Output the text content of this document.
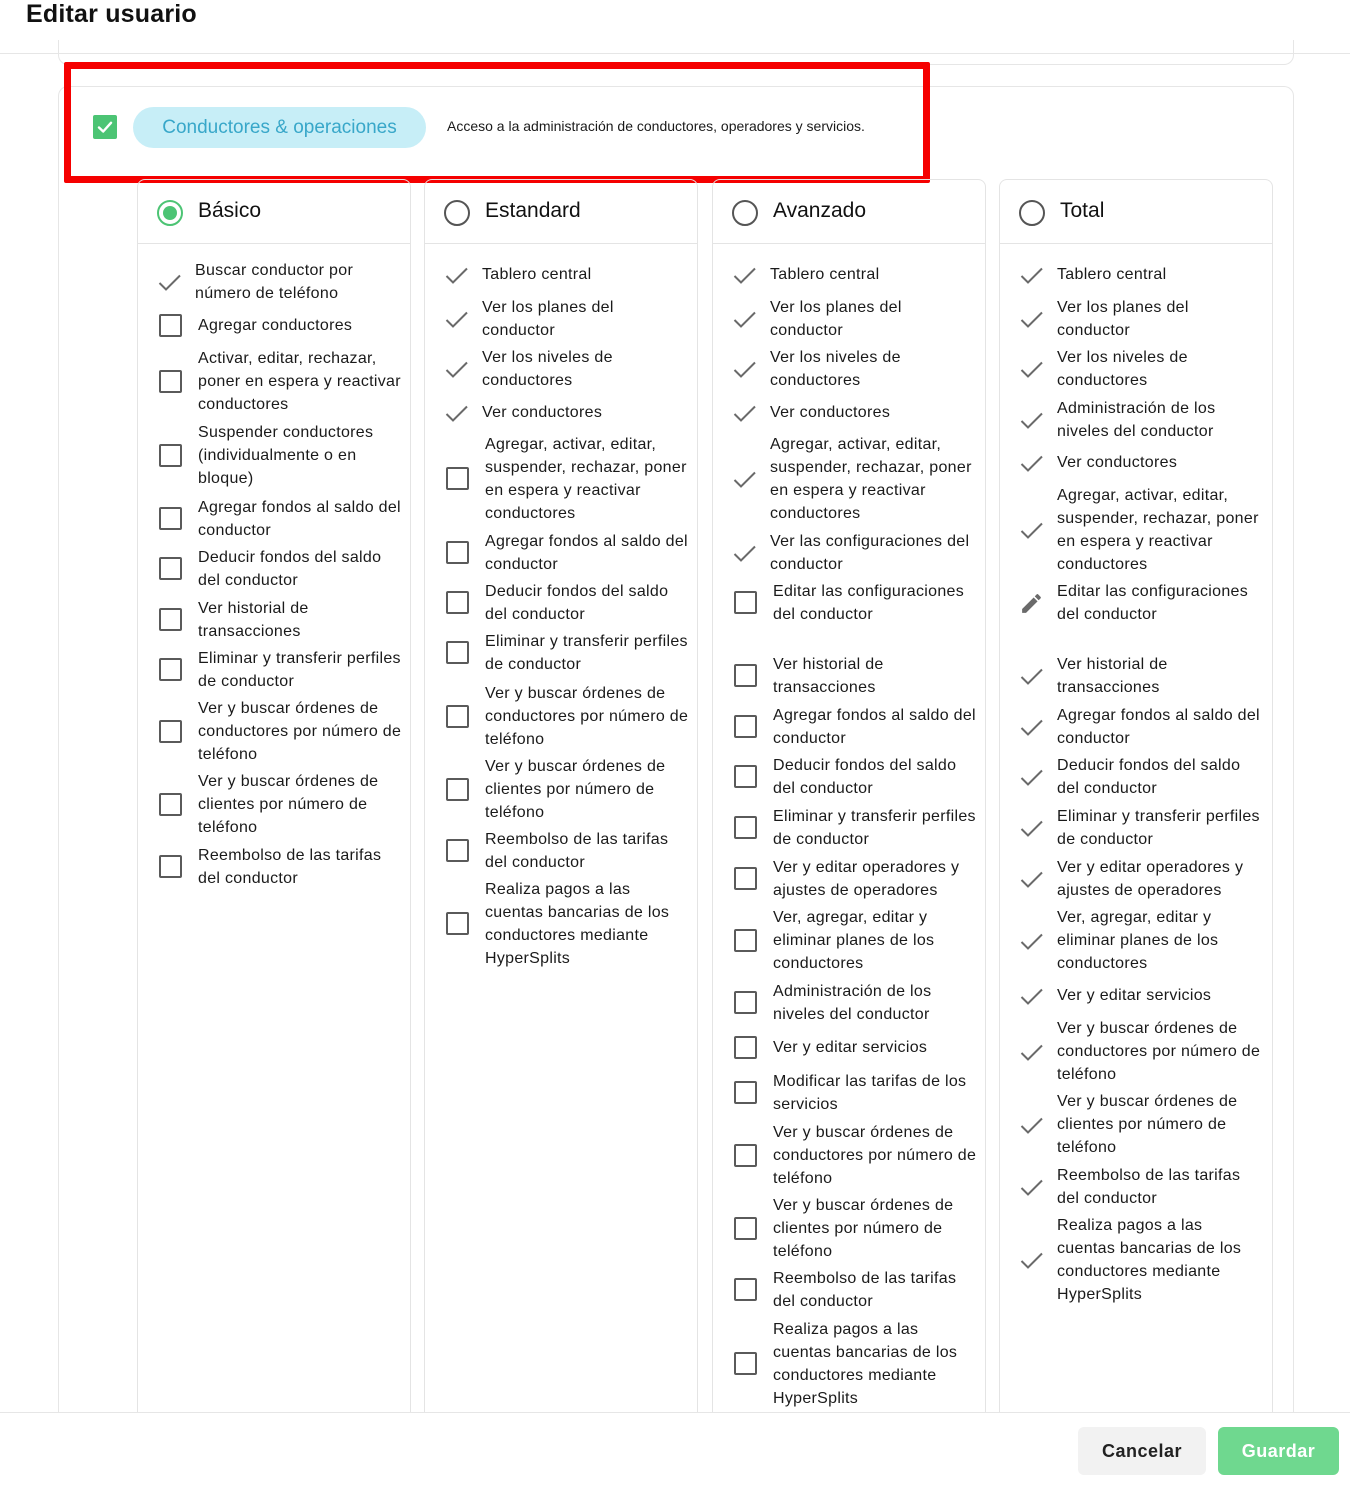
Editar usuario
Conductores & operaciones	Acceso a la administración de conductores, operadores y servicios.
Básico
Buscar conductor por número de teléfono
Agregar conductores
Activar, editar, rechazar, poner en espera y reactivar conductores
Suspender conductores (individualmente o en bloque)
Agregar fondos al saldo del conductor
Deducir fondos del saldo del conductor
Ver historial de transacciones
Eliminar y transferir perfiles de conductor
Ver y buscar órdenes de conductores por número de teléfono
Ver y buscar órdenes de clientes por número de teléfono
Reembolso de las tarifas del conductor
Estandard
Tablero central
Ver los planes del conductor
Ver los niveles de conductores
Ver conductores
Agregar, activar, editar, suspender, rechazar, poner en espera y reactivar conductores
Agregar fondos al saldo del conductor
Deducir fondos del saldo del conductor
Eliminar y transferir perfiles de conductor
Ver y buscar órdenes de conductores por número de teléfono
Ver y buscar órdenes de clientes por número de teléfono
Reembolso de las tarifas del conductor
Realiza pagos a las cuentas bancarias de los conductores mediante HyperSplits
Avanzado
Tablero central
Ver los planes del conductor
Ver los niveles de conductores
Ver conductores
Agregar, activar, editar, suspender, rechazar, poner en espera y reactivar conductores
Ver las configuraciones del conductor
Editar las configuraciones del conductor
Ver historial de transacciones
Agregar fondos al saldo del conductor
Deducir fondos del saldo del conductor
Eliminar y transferir perfiles de conductor
Ver y editar operadores y ajustes de operadores
Ver, agregar, editar y eliminar planes de los conductores
Administración de los niveles del conductor
Ver y editar servicios
Modificar las tarifas de los servicios
Ver y buscar órdenes de conductores por número de teléfono
Ver y buscar órdenes de clientes por número de teléfono
Reembolso de las tarifas del conductor
Realiza pagos a las cuentas bancarias de los conductores mediante HyperSplits
Total
Tablero central
Ver los planes del conductor
Ver los niveles de conductores
Administración de los niveles del conductor
Ver conductores
Agregar, activar, editar, suspender, rechazar, poner en espera y reactivar conductores
Editar las configuraciones del conductor
Ver historial de transacciones
Agregar fondos al saldo del conductor
Deducir fondos del saldo del conductor
Eliminar y transferir perfiles de conductor
Ver y editar operadores y ajustes de operadores
Ver, agregar, editar y eliminar planes de los conductores
Ver y editar servicios
Ver y buscar órdenes de conductores por número de teléfono
Ver y buscar órdenes de clientes por número de teléfono
Reembolso de las tarifas del conductor
Realiza pagos a las cuentas bancarias de los conductores mediante HyperSplits
Cancelar	Guardar
